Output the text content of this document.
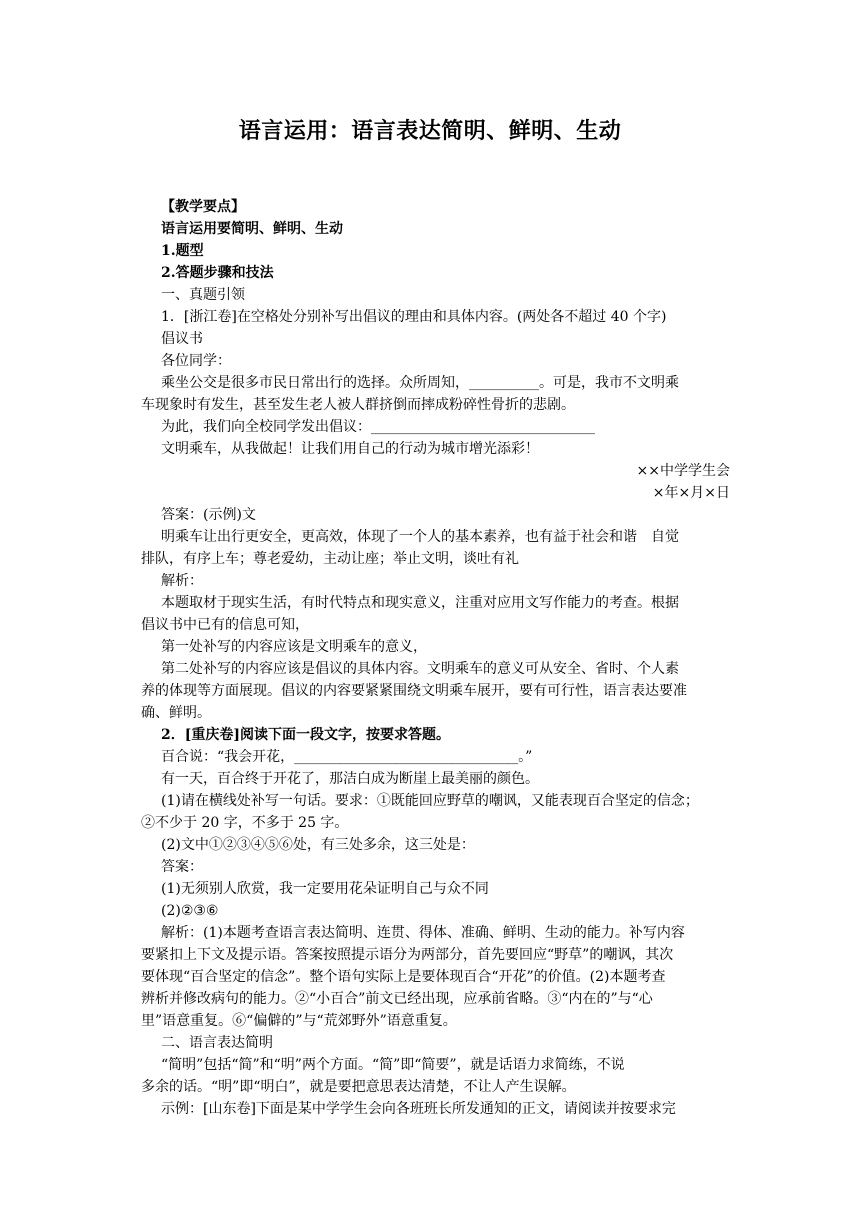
语言运用：语言表达简明、鲜明、生动
【教学要点】
语言运用要简明、鲜明、生动
1.题型
2.答题步骤和技法
一、真题引领
1．[浙江卷]在空格处分别补写出倡议的理由和具体内容。(两处各不超过 40 个字)
倡议书
各位同学：
乘坐公交是很多市民日常出行的选择。众所周知，__________。可是，我市不文明乘
车现象时有发生，甚至发生老人被人群挤倒而摔成粉碎性骨折的悲剧。
为此，我们向全校同学发出倡议：________________________________
文明乘车，从我做起！让我们用自己的行动为城市增光添彩！
××中学学生会
×年×月×日
答案：(示例)文
明乘车让出行更安全，更高效，体现了一个人的基本素养，也有益于社会和谐　自觉
排队，有序上车；尊老爱幼，主动让座；举止文明，谈吐有礼
解析：
本题取材于现实生活，有时代特点和现实意义，注重对应用文写作能力的考查。根据
倡议书中已有的信息可知，
第一处补写的内容应该是文明乘车的意义，
第二处补写的内容应该是倡议的具体内容。文明乘车的意义可从安全、省时、个人素
养的体现等方面展现。倡议的内容要紧紧围绕文明乘车展开，要有可行性，语言表达要准
确、鲜明。
2．[重庆卷]阅读下面一段文字，按要求答题。
百合说：“我会开花，________________________________。”
有一天，百合终于开花了，那洁白成为断崖上最美丽的颜色。
(1)请在横线处补写一句话。要求：①既能回应野草的嘲讽，又能表现百合坚定的信念；
②不少于 20 字，不多于 25 字。
(2)文中①②③④⑤⑥处，有三处多余，这三处是：
答案：
(1)无须别人欣赏，我一定要用花朵证明自己与众不同
(2)②③⑥
解析：(1)本题考查语言表达简明、连贯、得体、准确、鲜明、生动的能力。补写内容
要紧扣上下文及提示语。答案按照提示语分为两部分，首先要回应“野草”的嘲讽，其次
要体现“百合坚定的信念”。整个语句实际上是要体现百合“开花”的价值。(2)本题考查
辨析并修改病句的能力。②“小百合”前文已经出现，应承前省略。③“内在的”与“心
里”语意重复。⑥“偏僻的”与“荒郊野外”语意重复。
二、语言表达简明
“简明”包括“简”和“明”两个方面。“简”即“简要”，就是话语力求简练，不说
多余的话。“明”即“明白”，就是要把意思表达清楚，不让人产生误解。
示例：[山东卷]下面是某中学学生会向各班班长所发通知的正文，请阅读并按要求完
